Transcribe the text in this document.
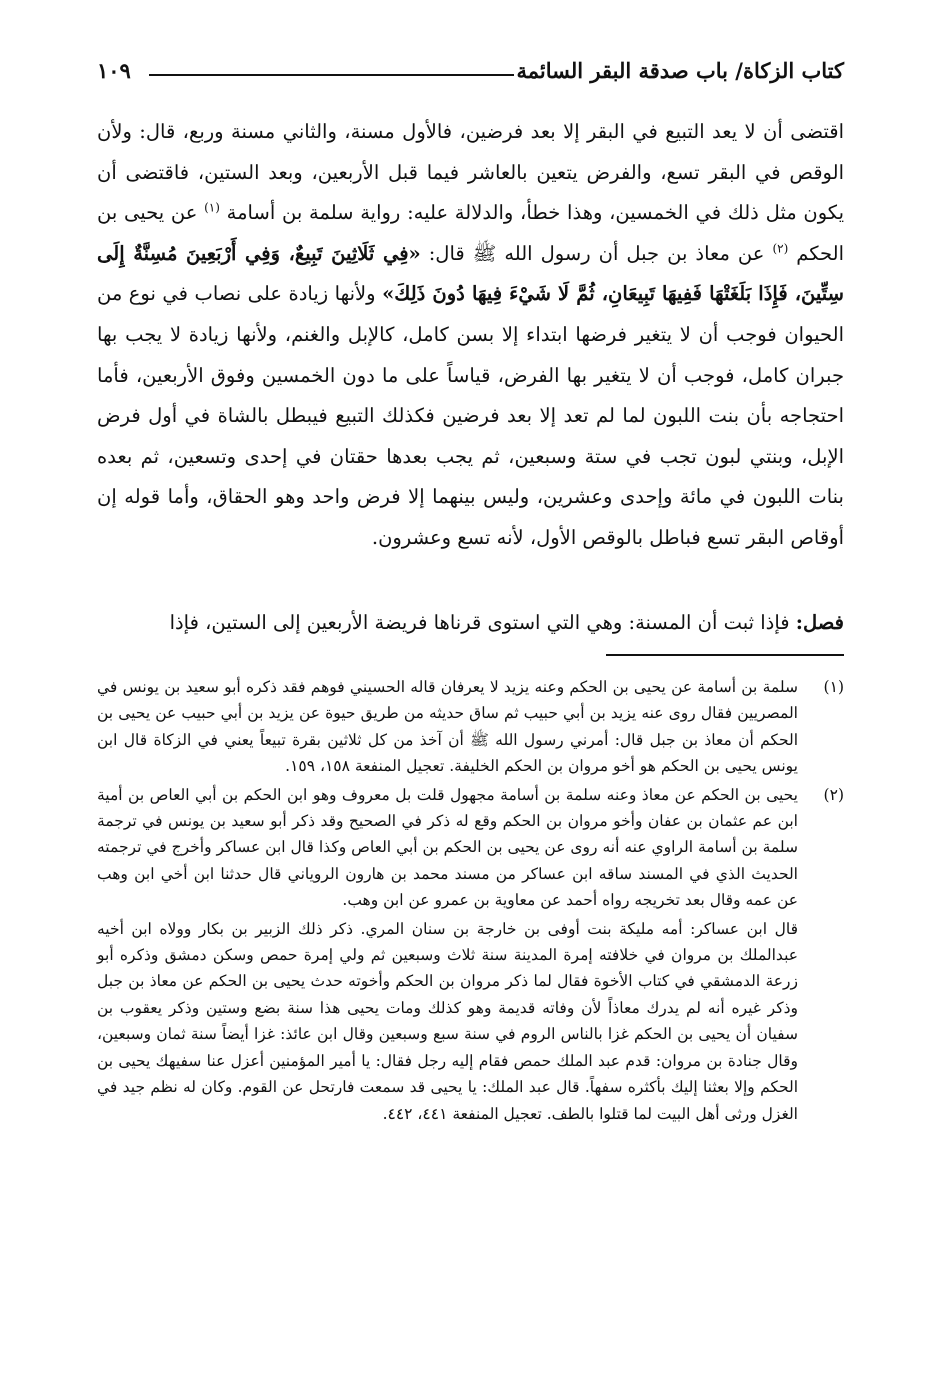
كتاب الزكاة/ باب صدقة البقر السائمة
١٠٩

اقتضى أن لا يعد التبيع في البقر إلا بعد فرضين، فالأول مسنة، والثاني مسنة وربع، قال: ولأن الوقص في البقر تسع، والفرض يتعين بالعاشر فيما قبل الأربعين، وبعد الستين، فاقتضى أن يكون مثل ذلك في الخمسين، وهذا خطأ، والدلالة عليه: رواية سلمة بن أسامة $^{(١)}$ عن يحيى بن الحكم $^{(٢)}$ عن معاذ بن جبل أن رسول الله ﷺ قال: «فِي ثَلَاثِينَ تَبِيعٌ، وَفِي أَرْبَعِينَ مُسِنَّةٌ إِلَى سِتِّينَ، فَإِذَا بَلَغَتْهَا فَفِيهَا تَبِيعَانِ، ثُمَّ لَا شَيْءَ فِيهَا دُونَ ذَلِكَ» ولأنها زيادة على نصاب في نوع من الحيوان فوجب أن لا يتغير فرضها ابتداء إلا بسن كامل، كالإبل والغنم، ولأنها زيادة لا يجب بها جبران كامل، فوجب أن لا يتغير بها الفرض، قياساً على ما دون الخمسين وفوق الأربعين، فأما احتجاجه بأن بنت اللبون لما لم تعد إلا بعد فرضين فكذلك التبيع فيبطل بالشاة في أول فرض الإبل، وبنتي لبون تجب في ستة وسبعين، ثم يجب بعدها حقتان في إحدى وتسعين، ثم بعده بنات اللبون في مائة وإحدى وعشرين، وليس بينهما إلا فرض واحد وهو الحقاق، وأما قوله إن أوقاص البقر تسع فباطل بالوقص الأول، لأنه تسع وعشرون.

فصل: فإذا ثبت أن المسنة: وهي التي استوى قرناها فريضة الأربعين إلى الستين، فإذا
(١)
سلمة بن أسامة عن يحيى بن الحكم وعنه يزيد لا يعرفان قاله الحسيني فوهم فقد ذكره أبو سعيد بن يونس في المصريين فقال روى عنه يزيد بن أبي حبيب ثم ساق حديثه من طريق حيوة عن يزيد بن أبي حبيب عن يحيى بن الحكم أن معاذ بن جبل قال: أمرني رسول الله ﷺ أن آخذ من كل ثلاثين بقرة تبيعاً يعني في الزكاة قال ابن يونس يحيى بن الحكم هو أخو مروان بن الحكم الخليفة. تعجيل المنفعة ١٥٨، ١٥٩.
(٢)
يحيى بن الحكم عن معاذ وعنه سلمة بن أسامة مجهول قلت بل معروف وهو ابن الحكم بن أبي العاص بن أمية ابن عم عثمان بن عفان وأخو مروان بن الحكم وقع له ذكر في الصحيح وقد ذكر أبو سعيد بن يونس في ترجمة سلمة بن أسامة الراوي عنه أنه روى عن يحيى بن الحكم بن أبي العاص وكذا قال ابن عساكر وأخرج في ترجمته الحديث الذي في المسند ساقه ابن عساكر من مسند محمد بن هارون الروياني قال حدثنا ابن أخي ابن وهب عن عمه وقال بعد تخريجه رواه أحمد عن معاوية بن عمرو عن ابن وهب.

قال ابن عساكر: أمه مليكة بنت أوفى بن خارجة بن سنان المري. ذكر ذلك الزبير بن بكار وولاه ابن أخيه عبدالملك بن مروان في خلافته إمرة المدينة سنة ثلاث وسبعين ثم ولي إمرة حمص وسكن دمشق وذكره أبو زرعة الدمشقي في كتاب الأخوة فقال لما ذكر مروان بن الحكم وأخوته حدث يحيى بن الحكم عن معاذ بن جبل وذكر غيره أنه لم يدرك معاذاً لأن وفاته قديمة وهو كذلك ومات يحيى هذا سنة بضع وستين وذكر يعقوب بن سفيان أن يحيى بن الحكم غزا بالناس الروم في سنة سبع وسبعين وقال ابن عائذ: غزا أيضاً سنة ثمان وسبعين، وقال جنادة بن مروان: قدم عبد الملك حمص فقام إليه رجل فقال: يا أمير المؤمنين أعزل عنا سفيهك يحيى بن الحكم وإلا بعثنا إليك بأكثره سفهاً. قال عبد الملك: يا يحيى قد سمعت فارتحل عن القوم. وكان له نظم جيد في الغزل ورثى أهل البيت لما قتلوا بالطف. تعجيل المنفعة ٤٤١، ٤٤٢.
